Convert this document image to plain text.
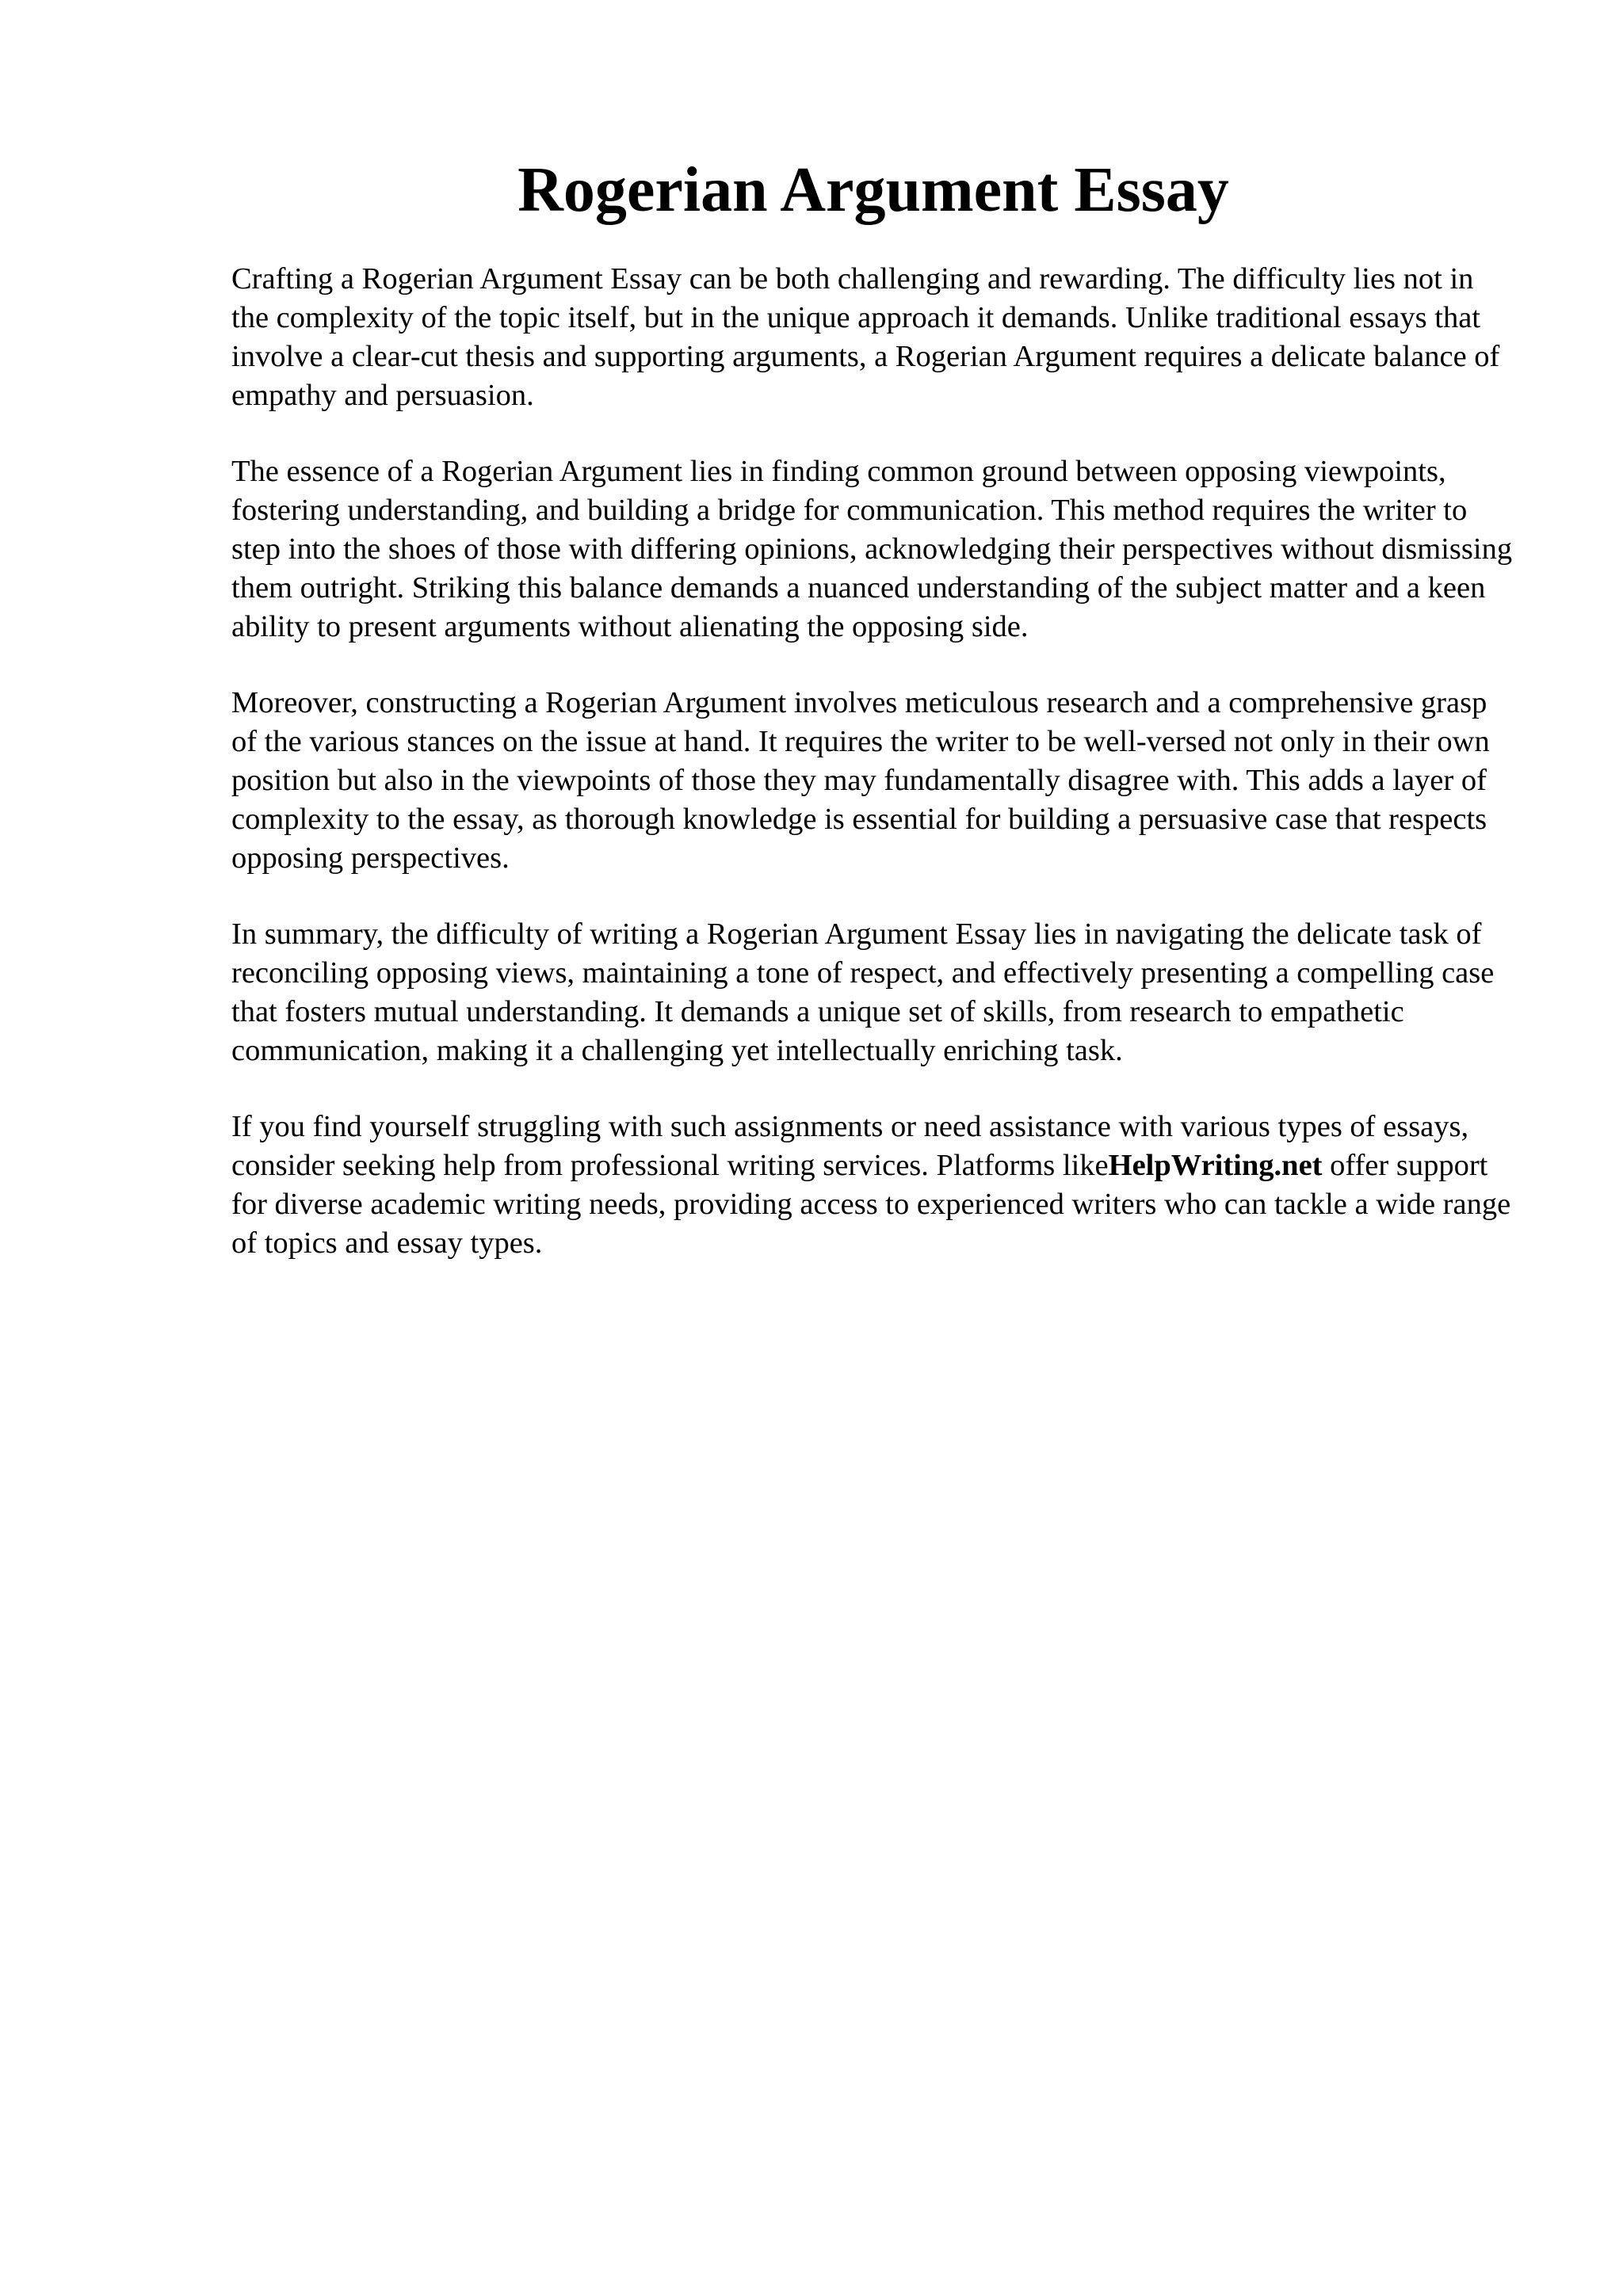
Rogerian Argument Essay

Crafting a Rogerian Argument Essay can be both challenging and rewarding. The difficulty lies not in the complexity of the topic itself, but in the unique approach it demands. Unlike traditional essays that involve a clear-cut thesis and supporting arguments, a Rogerian Argument requires a delicate balance of empathy and persuasion.

The essence of a Rogerian Argument lies in finding common ground between opposing viewpoints, fostering understanding, and building a bridge for communication. This method requires the writer to step into the shoes of those with differing opinions, acknowledging their perspectives without dismissing them outright. Striking this balance demands a nuanced understanding of the subject matter and a keen ability to present arguments without alienating the opposing side.

Moreover, constructing a Rogerian Argument involves meticulous research and a comprehensive grasp of the various stances on the issue at hand. It requires the writer to be well-versed not only in their own position but also in the viewpoints of those they may fundamentally disagree with. This adds a layer of complexity to the essay, as thorough knowledge is essential for building a persuasive case that respects opposing perspectives.

In summary, the difficulty of writing a Rogerian Argument Essay lies in navigating the delicate task of reconciling opposing views, maintaining a tone of respect, and effectively presenting a compelling case that fosters mutual understanding. It demands a unique set of skills, from research to empathetic communication, making it a challenging yet intellectually enriching task.

If you find yourself struggling with such assignments or need assistance with various types of essays, consider seeking help from professional writing services. Platforms likeHelpWriting.net offer support for diverse academic writing needs, providing access to experienced writers who can tackle a wide range of topics and essay types.
